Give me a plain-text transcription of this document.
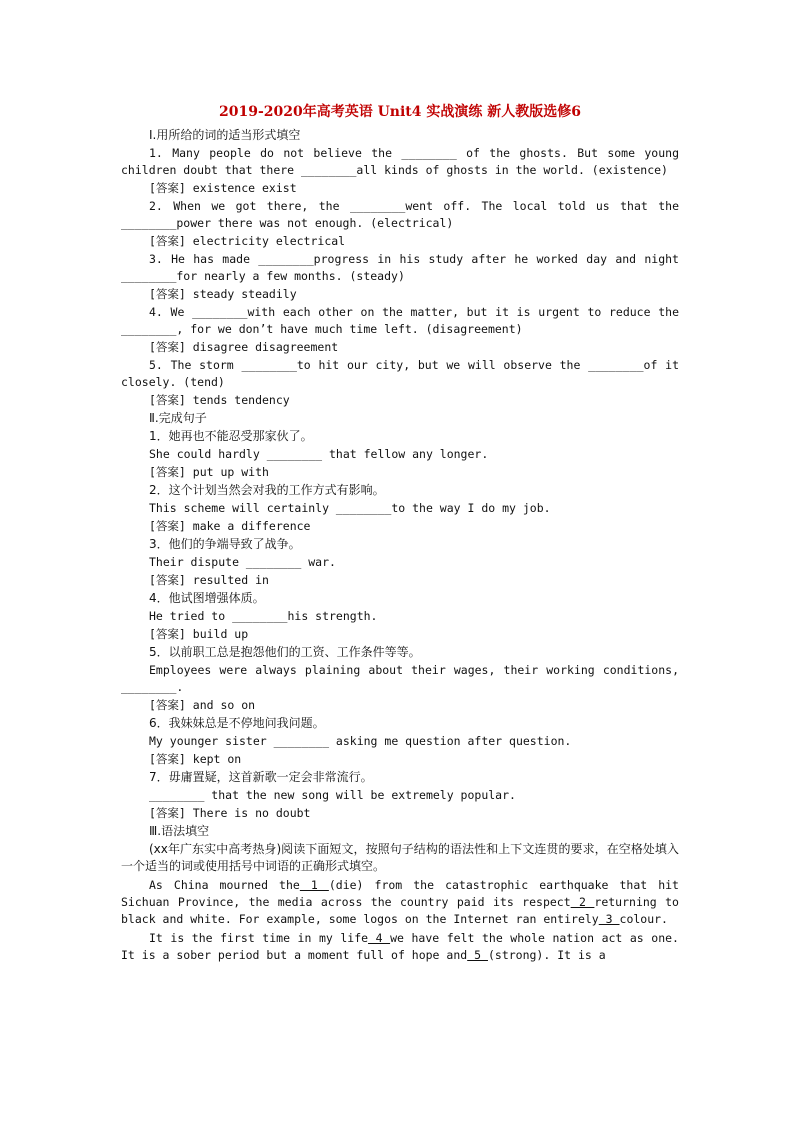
2019-2020年高考英语 Unit4 实战演练 新人教版选修6

Ⅰ.用所给的词的适当形式填空

1. Many people do not believe the ________ of the ghosts. But some young children doubt that there ________all kinds of ghosts in the world. (existence)

[答案] existence exist

2. When we got there, the ________went off. The local told us that the ________power there was not enough. (electrical)

[答案] electricity electrical

3. He has made ________progress in his study after he worked day and night ________for nearly a few months. (steady)

[答案] steady steadily

4. We ________with each other on the matter, but it is urgent to reduce the ________, for we don’t have much time left. (disagreement)

[答案] disagree disagreement

5. The storm ________to hit our city, but we will observe the ________of it closely. (tend)

[答案] tends tendency

Ⅱ.完成句子

1．她再也不能忍受那家伙了。

She could hardly ________ that fellow any longer.

[答案] put up with

2．这个计划当然会对我的工作方式有影响。

This scheme will certainly ________to the way I do my job.

[答案] make a difference

3．他们的争端导致了战争。

Their dispute ________ war.

[答案] resulted in

4．他试图增强体质。

He tried to ________his strength.

[答案] build up

5．以前职工总是抱怨他们的工资、工作条件等等。

Employees were always plaining about their wages, their working conditions, ________.

[答案] and so on

6．我妹妹总是不停地问我问题。

My younger sister ________ asking me question after question.

[答案] kept on

7．毋庸置疑，这首新歌一定会非常流行。

________ that the new song will be extremely popular.

[答案] There is no doubt

Ⅲ.语法填空

(xx年广东实中高考热身)阅读下面短文，按照句子结构的语法性和上下文连贯的要求，在空格处填入一个适当的词或使用括号中词语的正确形式填空。

As China mourned the 1 (die) from the catastrophic earthquake that hit Sichuan Province, the media across the country paid its respect 2 returning to black and white. For example, some logos on the Internet ran entirely 3 colour.

It is the first time in my life 4 we have felt the whole nation act as one. It is a sober period but a moment full of hope and 5 (strong). It is a
